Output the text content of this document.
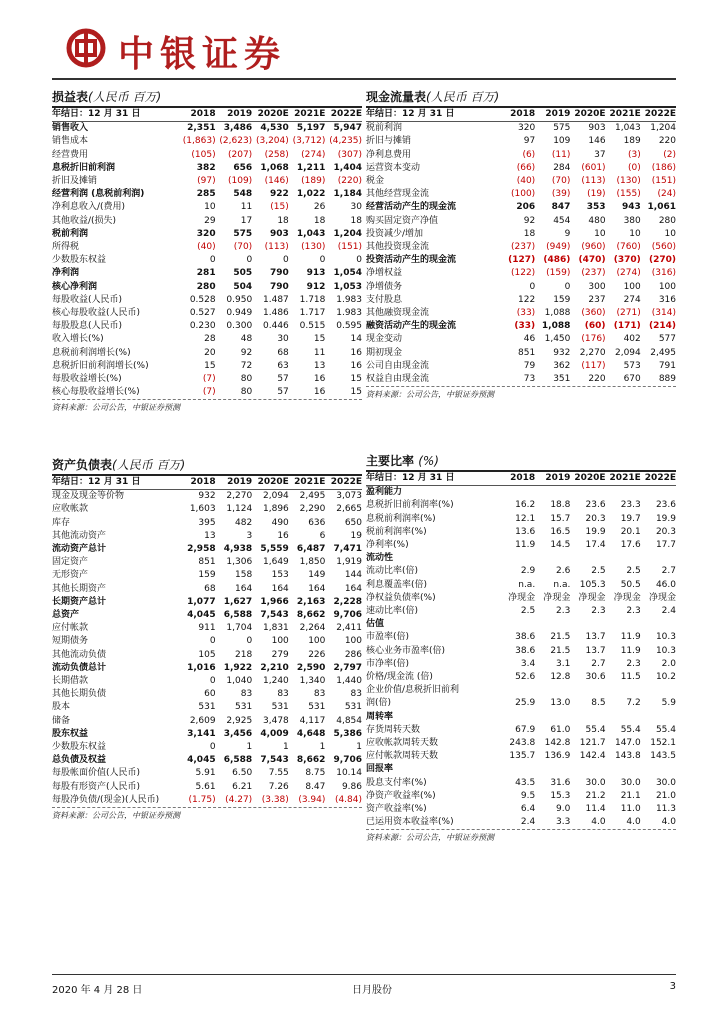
中银证券
损益表(人民币 百万)
年结日：12 月 31 日	2018	2019	2020E	2021E	2022E
销售收入	2,351	3,486	4,530	5,197	5,947
销售成本	(1,863)	(2,623)	(3,204)	(3,712)	(4,235)
经营费用	(105)	(207)	(258)	(274)	(307)
息税折旧前利润	382	656	1,068	1,211	1,404
折旧及摊销	(97)	(109)	(146)	(189)	(220)
经营利润 (息税前利润)	285	548	922	1,022	1,184
净利息收入/(费用)	10	11	(15)	26	30
其他收益/(损失)	29	17	18	18	18
税前利润	320	575	903	1,043	1,204
所得税	(40)	(70)	(113)	(130)	(151)
少数股东权益	0	0	0	0	0
净利润	281	505	790	913	1,054
核心净利润	280	504	790	912	1,053
每股收益(人民币)	0.528	0.950	1.487	1.718	1.983
核心每股收益(人民币)	0.527	0.949	1.486	1.717	1.983
每股股息(人民币)	0.230	0.300	0.446	0.515	0.595
收入增长(%)	28	48	30	15	14
息税前利润增长(%)	20	92	68	11	16
息税折旧前利润增长(%)	15	72	63	13	16
每股收益增长(%)	(7)	80	57	16	15
核心每股收益增长(%)	(7)	80	57	16	15
资料来源：公司公告，中银证券预测
现金流量表(人民币 百万)
年结日：12 月 31 日	2018	2019	2020E	2021E	2022E
税前利润	320	575	903	1,043	1,204
折旧与摊销	97	109	146	189	220
净利息费用	(6)	(11)	37	(3)	(2)
运营资本变动	(66)	284	(601)	(0)	(186)
税金	(40)	(70)	(113)	(130)	(151)
其他经营现金流	(100)	(39)	(19)	(155)	(24)
经营活动产生的现金流	206	847	353	943	1,061
购买固定资产净值	92	454	480	380	280
投资减少/增加	18	9	10	10	10
其他投资现金流	(237)	(949)	(960)	(760)	(560)
投资活动产生的现金流	(127)	(486)	(470)	(370)	(270)
净增权益	(122)	(159)	(237)	(274)	(316)
净增债务	0	0	300	100	100
支付股息	122	159	237	274	316
其他融资现金流	(33)	1,088	(360)	(271)	(314)
融资活动产生的现金流	(33)	1,088	(60)	(171)	(214)
现金变动	46	1,450	(176)	402	577
期初现金	851	932	2,270	2,094	2,495
公司自由现金流	79	362	(117)	573	791
权益自由现金流	73	351	220	670	889
资料来源：公司公告，中银证券预测
资产负债表(人民币 百万)
年结日：12 月 31 日	2018	2019	2020E	2021E	2022E
现金及现金等价物	932	2,270	2,094	2,495	3,073
应收帐款	1,603	1,124	1,896	2,290	2,665
库存	395	482	490	636	650
其他流动资产	13	3	16	6	19
流动资产总计	2,958	4,938	5,559	6,487	7,471
固定资产	851	1,306	1,649	1,850	1,919
无形资产	159	158	153	149	144
其他长期资产	68	164	164	164	164
长期资产总计	1,077	1,627	1,966	2,163	2,228
总资产	4,045	6,588	7,543	8,662	9,706
应付帐款	911	1,704	1,831	2,264	2,411
短期债务	0	0	100	100	100
其他流动负债	105	218	279	226	286
流动负债总计	1,016	1,922	2,210	2,590	2,797
长期借款	0	1,040	1,240	1,340	1,440
其他长期负债	60	83	83	83	83
股本	531	531	531	531	531
储备	2,609	2,925	3,478	4,117	4,854
股东权益	3,141	3,456	4,009	4,648	5,386
少数股东权益	0	1	1	1	1
总负债及权益	4,045	6,588	7,543	8,662	9,706
每股帐面价值(人民币)	5.91	6.50	7.55	8.75	10.14
每股有形资产(人民币)	5.61	6.21	7.26	8.47	9.86
每股净负债/(现金)(人民币)	(1.75)	(4.27)	(3.38)	(3.94)	(4.84)
资料来源：公司公告，中银证券预测
主要比率 (%)
年结日：12 月 31 日	2018	2019	2020E	2021E	2022E
盈利能力					
息税折旧前利润率(%)	16.2	18.8	23.6	23.3	23.6
息税前利润率(%)	12.1	15.7	20.3	19.7	19.9
税前利润率(%)	13.6	16.5	19.9	20.1	20.3
净利率(%)	11.9	14.5	17.4	17.6	17.7
流动性					
流动比率(倍)	2.9	2.6	2.5	2.5	2.7
利息覆盖率(倍)	n.a.	n.a.	105.3	50.5	46.0
净权益负债率(%)	净现金	净现金	净现金	净现金	净现金
速动比率(倍)	2.5	2.3	2.3	2.3	2.4
估值					
市盈率(倍)	38.6	21.5	13.7	11.9	10.3
核心业务市盈率(倍)	38.6	21.5	13.7	11.9	10.3
市净率(倍)	3.4	3.1	2.7	2.3	2.0
价格/现金流 (倍)	52.6	12.8	30.6	11.5	10.2
企业价值/息税折旧前利					
润(倍)	25.9	13.0	8.5	7.2	5.9
周转率					
存货周转天数	67.9	61.0	55.4	55.4	55.4
应收帐款周转天数	243.8	142.8	121.7	147.0	152.1
应付帐款周转天数	135.7	136.9	142.4	143.8	143.5
回报率					
股息支付率(%)	43.5	31.6	30.0	30.0	30.0
净资产收益率(%)	9.5	15.3	21.2	21.1	21.0
资产收益率(%)	6.4	9.0	11.4	11.0	11.3
已运用资本收益率(%)	2.4	3.3	4.0	4.0	4.0
资料来源：公司公告，中银证券预测
2020 年 4 月 28 日	日月股份	3
